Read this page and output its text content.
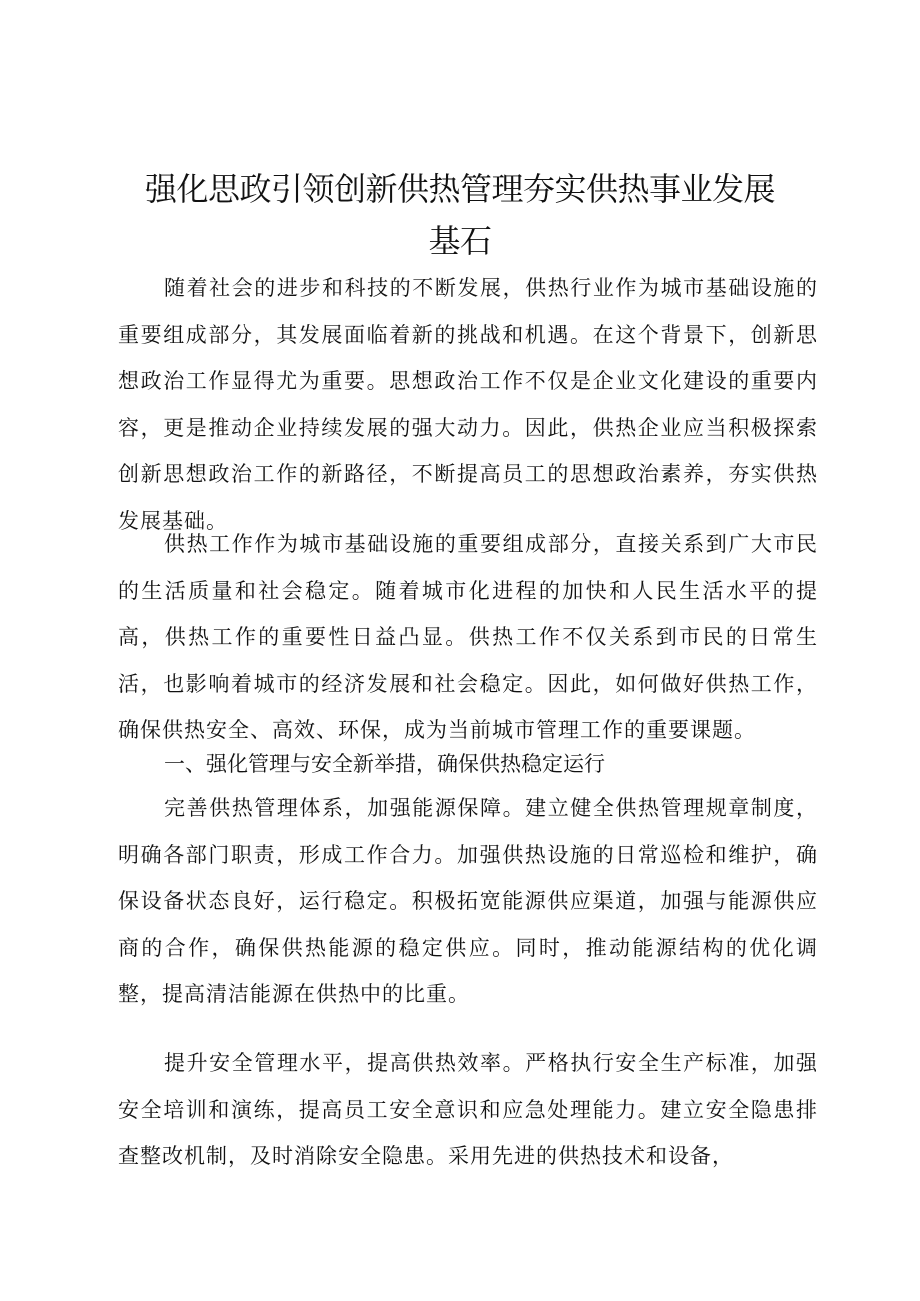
强化思政引领创新供热管理夯实供热事业发展
基石

随着社会的进步和科技的不断发展，供热行业作为城市基础设施的重要组成部分，其发展面临着新的挑战和机遇。在这个背景下，创新思想政治工作显得尤为重要。思想政治工作不仅是企业文化建设的重要内容，更是推动企业持续发展的强大动力。因此，供热企业应当积极探索创新思想政治工作的新路径，不断提高员工的思想政治素养，夯实供热发展基础。

供热工作作为城市基础设施的重要组成部分，直接关系到广大市民的生活质量和社会稳定。随着城市化进程的加快和人民生活水平的提高，供热工作的重要性日益凸显。供热工作不仅关系到市民的日常生活，也影响着城市的经济发展和社会稳定。因此，如何做好供热工作，确保供热安全、高效、环保，成为当前城市管理工作的重要课题。

一、强化管理与安全新举措，确保供热稳定运行

完善供热管理体系，加强能源保障。建立健全供热管理规章制度，明确各部门职责，形成工作合力。加强供热设施的日常巡检和维护，确保设备状态良好，运行稳定。积极拓宽能源供应渠道，加强与能源供应商的合作，确保供热能源的稳定供应。同时，推动能源结构的优化调整，提高清洁能源在供热中的比重。

提升安全管理水平，提高供热效率。严格执行安全生产标准，加强安全培训和演练，提高员工安全意识和应急处理能力。建立安全隐患排查整改机制，及时消除安全隐患。采用先进的供热技术和设备，
